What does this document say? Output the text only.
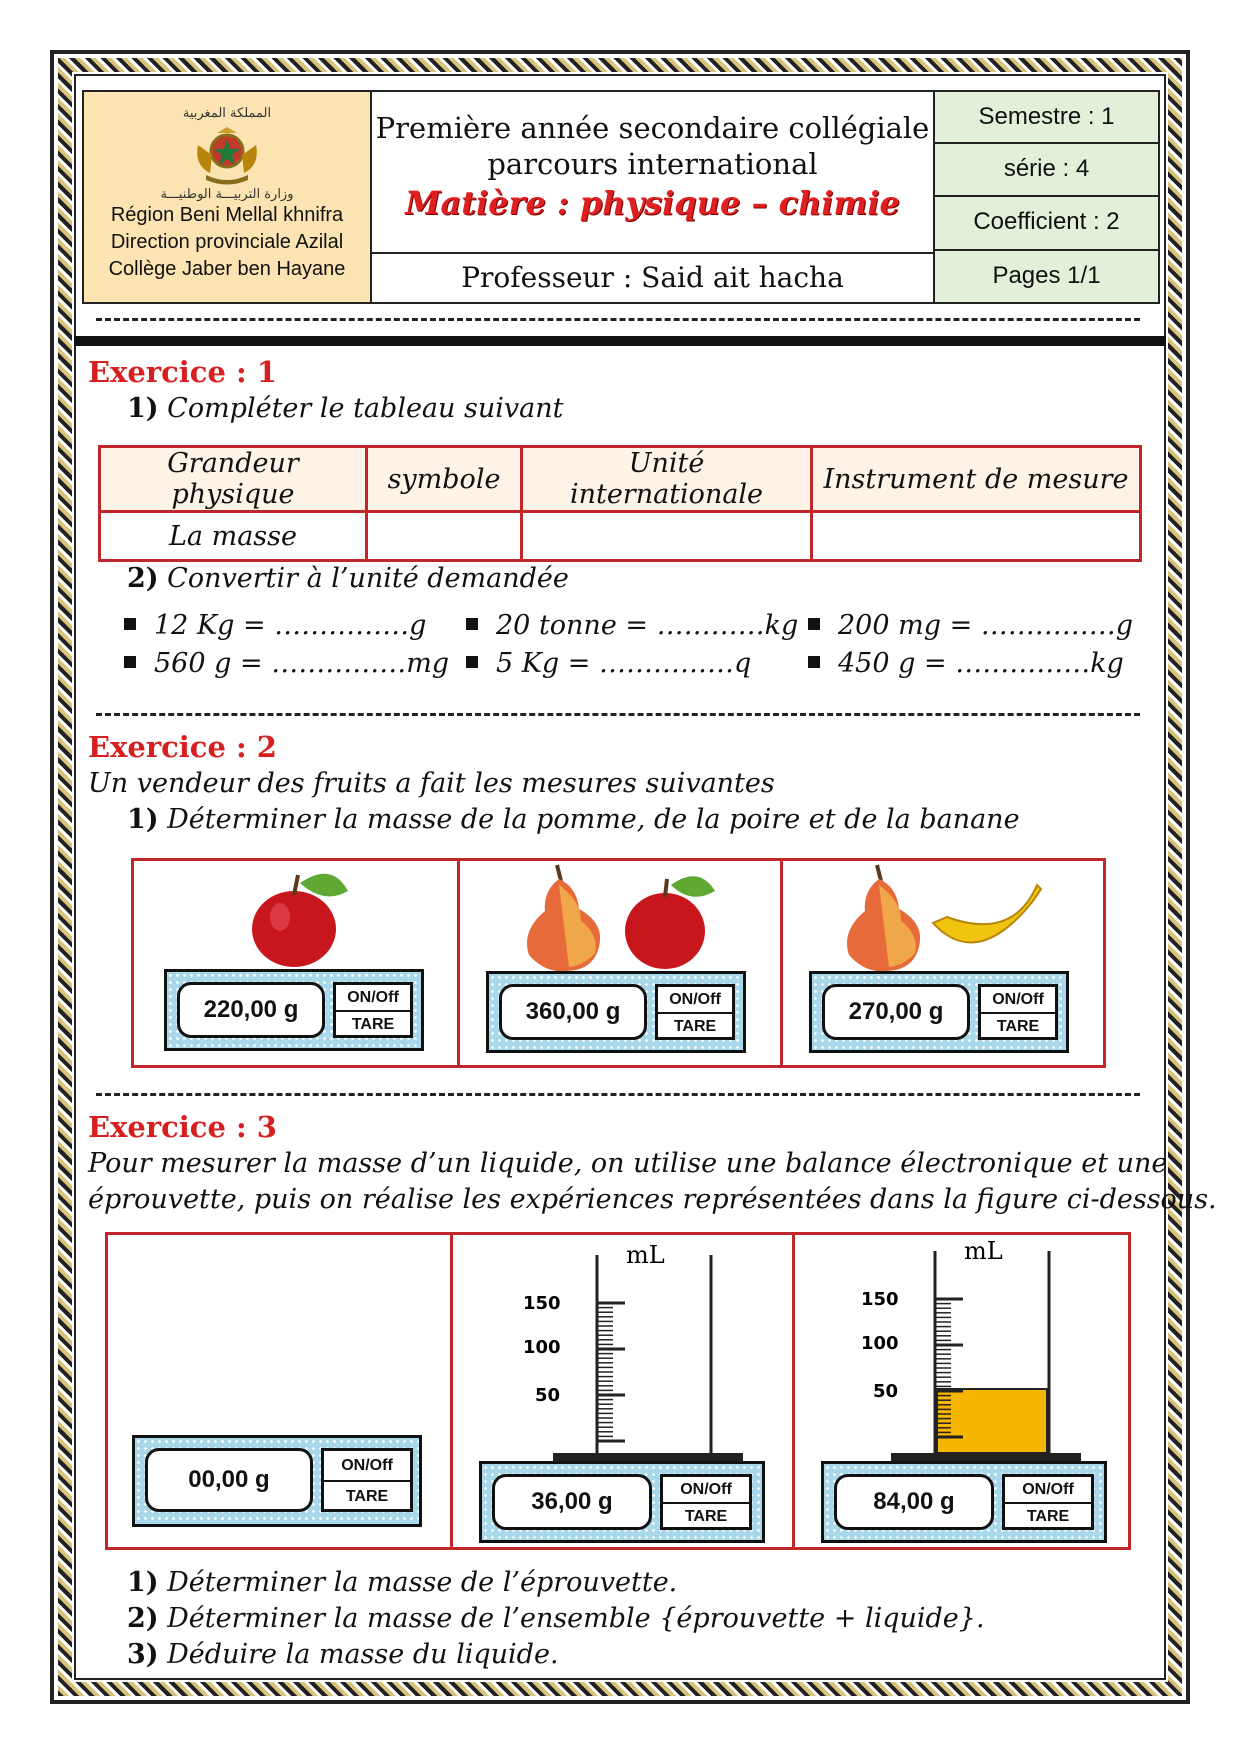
المملكة المغربية
وزارة التربيـــة الوطنيـــة
Région Beni Mellal khnifra
Direction provinciale Azilal
Collège Jaber ben Hayane
Première année secondaire collégiale
parcours international
Matière : physique – chimie
Professeur : Said ait hacha
Semestre : 1
série : 4
Coefficient : 2
Pages 1/1
Exercice : 1
1) Compléter le tableau suivant
Grandeur physique	symbole	Unité internationale	Instrument de mesure
La masse			
2) Convertir à l’unité demandée
12 Kg = ……………g	20 tonne = …………kg	200 mg = ……………g
560 g = ……………mg	5 Kg = ……………q	450 g = ……………kg
Exercice : 2
Un vendeur des fruits a fait les mesures suivantes
1) Déterminer la masse de la pomme, de la poire et de la banane
220,00 g	ON/Off
TARE	360,00 g	ON/Off
TARE
270,00 g	ON/Off
TARE
Exercice : 3
Pour mesurer la masse d’un liquide, on utilise une balance électronique et une
éprouvette, puis on réalise les expériences représentées dans la figure ci-dessous.
00,00 g
ON/Off
TARE
mL
150
100
50
36,00 g	ON/Off
TARE
mL
150
100
50
84,00 g	ON/Off
TARE
1) Déterminer la masse de l’éprouvette.
2) Déterminer la masse de l’ensemble {éprouvette + liquide}.
3) Déduire la masse du liquide.
